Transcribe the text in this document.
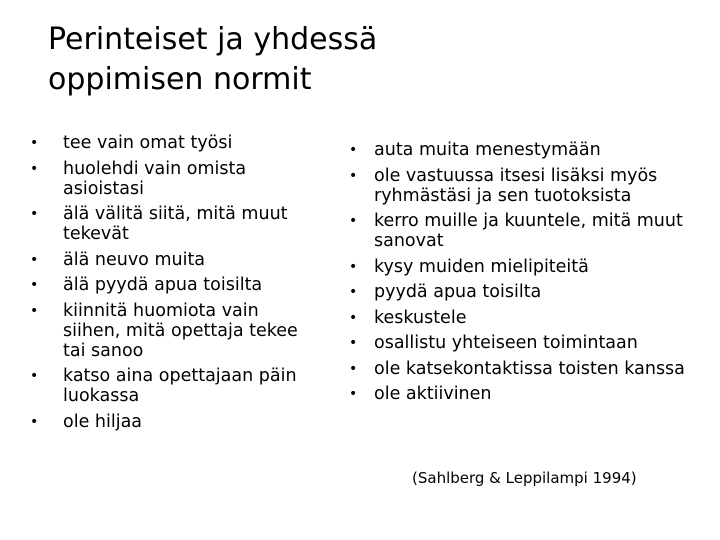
Perinteiset ja yhdessä
oppimisen normit
• tee vain omat työsi
• huolehdi vain omista asioistasi
• älä välitä siitä, mitä muut tekevät
• älä neuvo muita
• älä pyydä apua toisilta
• kiinnitä huomiota vain siihen, mitä opettaja tekee tai sanoo
• katso aina opettajaan päin luokassa
• ole hiljaa
• auta muita menestymään
• ole vastuussa itsesi lisäksi myös ryhmästäsi ja sen tuotoksista
• kerro muille ja kuuntele, mitä muut sanovat
• kysy muiden mielipiteitä
• pyydä apua toisilta
• keskustele
• osallistu yhteiseen toimintaan
• ole katsekontaktissa toisten kanssa
• ole aktiivinen
(Sahlberg & Leppilampi 1994)
